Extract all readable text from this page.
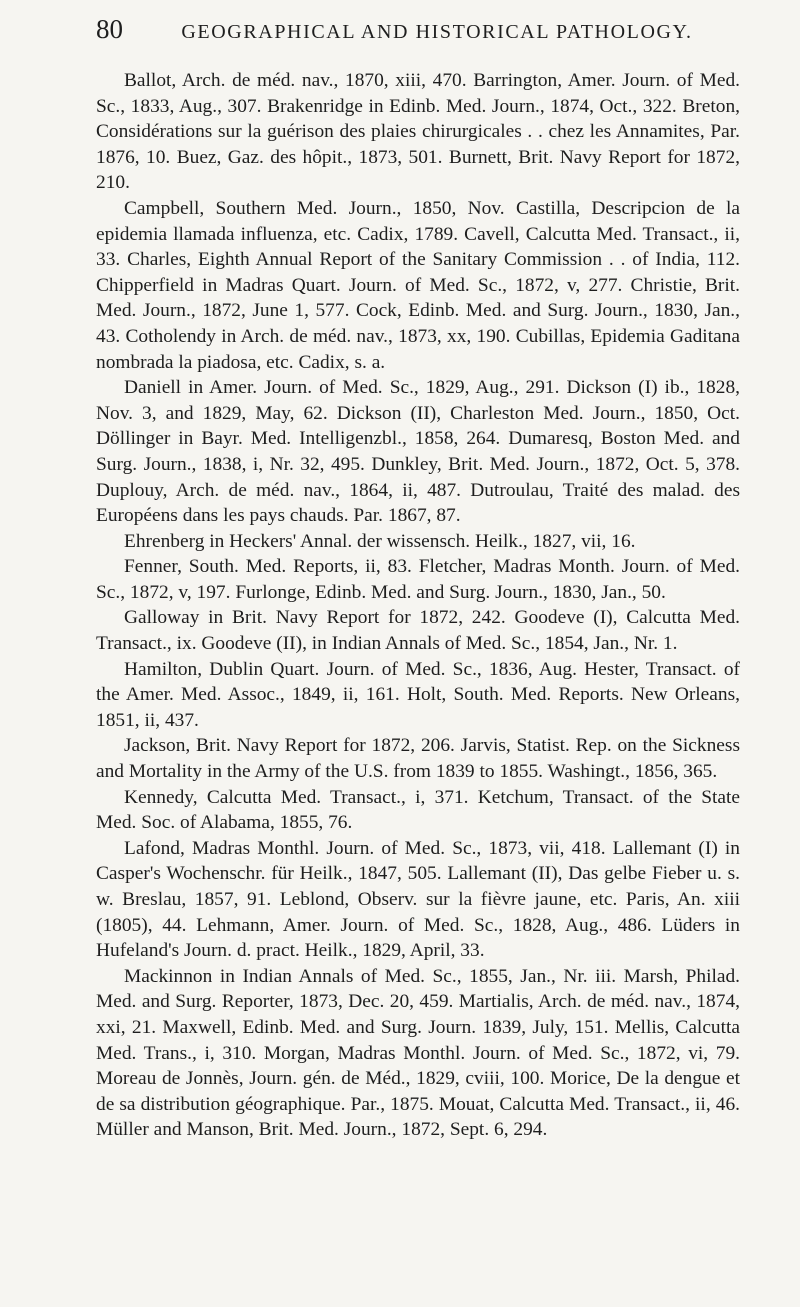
80	GEOGRAPHICAL AND HISTORICAL PATHOLOGY.

Ballot, Arch. de méd. nav., 1870, xiii, 470. Barrington, Amer. Journ. of Med. Sc., 1833, Aug., 307. Brakenridge in Edinb. Med. Journ., 1874, Oct., 322. Breton, Considérations sur la guérison des plaies chirurgicales . . chez les Annamites, Par. 1876, 10. Buez, Gaz. des hôpit., 1873, 501. Burnett, Brit. Navy Report for 1872, 210.

Campbell, Southern Med. Journ., 1850, Nov. Castilla, Descripcion de la epidemia llamada influenza, etc. Cadix, 1789. Cavell, Calcutta Med. Transact., ii, 33. Charles, Eighth Annual Report of the Sanitary Commission . . of India, 112. Chipperfield in Madras Quart. Journ. of Med. Sc., 1872, v, 277. Christie, Brit. Med. Journ., 1872, June 1, 577. Cock, Edinb. Med. and Surg. Journ., 1830, Jan., 43. Cotholendy in Arch. de méd. nav., 1873, xx, 190. Cubillas, Epidemia Gaditana nombrada la piadosa, etc. Cadix, s. a.

Daniell in Amer. Journ. of Med. Sc., 1829, Aug., 291. Dickson (I) ib., 1828, Nov. 3, and 1829, May, 62. Dickson (II), Charleston Med. Journ., 1850, Oct. Döllinger in Bayr. Med. Intelligenzbl., 1858, 264. Dumaresq, Boston Med. and Surg. Journ., 1838, i, Nr. 32, 495. Dunkley, Brit. Med. Journ., 1872, Oct. 5, 378. Duplouy, Arch. de méd. nav., 1864, ii, 487. Dutroulau, Traité des malad. des Européens dans les pays chauds. Par. 1867, 87.

Ehrenberg in Heckers' Annal. der wissensch. Heilk., 1827, vii, 16.

Fenner, South. Med. Reports, ii, 83. Fletcher, Madras Month. Journ. of Med. Sc., 1872, v, 197. Furlonge, Edinb. Med. and Surg. Journ., 1830, Jan., 50.

Galloway in Brit. Navy Report for 1872, 242. Goodeve (I), Calcutta Med. Transact., ix. Goodeve (II), in Indian Annals of Med. Sc., 1854, Jan., Nr. 1.

Hamilton, Dublin Quart. Journ. of Med. Sc., 1836, Aug. Hester, Transact. of the Amer. Med. Assoc., 1849, ii, 161. Holt, South. Med. Reports. New Orleans, 1851, ii, 437.

Jackson, Brit. Navy Report for 1872, 206. Jarvis, Statist. Rep. on the Sickness and Mortality in the Army of the U.S. from 1839 to 1855. Washingt., 1856, 365.

Kennedy, Calcutta Med. Transact., i, 371. Ketchum, Transact. of the State Med. Soc. of Alabama, 1855, 76.

Lafond, Madras Monthl. Journ. of Med. Sc., 1873, vii, 418. Lallemant (I) in Casper's Wochenschr. für Heilk., 1847, 505. Lallemant (II), Das gelbe Fieber u. s. w. Breslau, 1857, 91. Leblond, Observ. sur la fièvre jaune, etc. Paris, An. xiii (1805), 44. Lehmann, Amer. Journ. of Med. Sc., 1828, Aug., 486. Lüders in Hufeland's Journ. d. pract. Heilk., 1829, April, 33.

Mackinnon in Indian Annals of Med. Sc., 1855, Jan., Nr. iii. Marsh, Philad. Med. and Surg. Reporter, 1873, Dec. 20, 459. Martialis, Arch. de méd. nav., 1874, xxi, 21. Maxwell, Edinb. Med. and Surg. Journ. 1839, July, 151. Mellis, Calcutta Med. Trans., i, 310. Morgan, Madras Monthl. Journ. of Med. Sc., 1872, vi, 79. Moreau de Jonnès, Journ. gén. de Méd., 1829, cviii, 100. Morice, De la dengue et de sa distribution géographique. Par., 1875. Mouat, Calcutta Med. Transact., ii, 46. Müller and Manson, Brit. Med. Journ., 1872, Sept. 6, 294.
